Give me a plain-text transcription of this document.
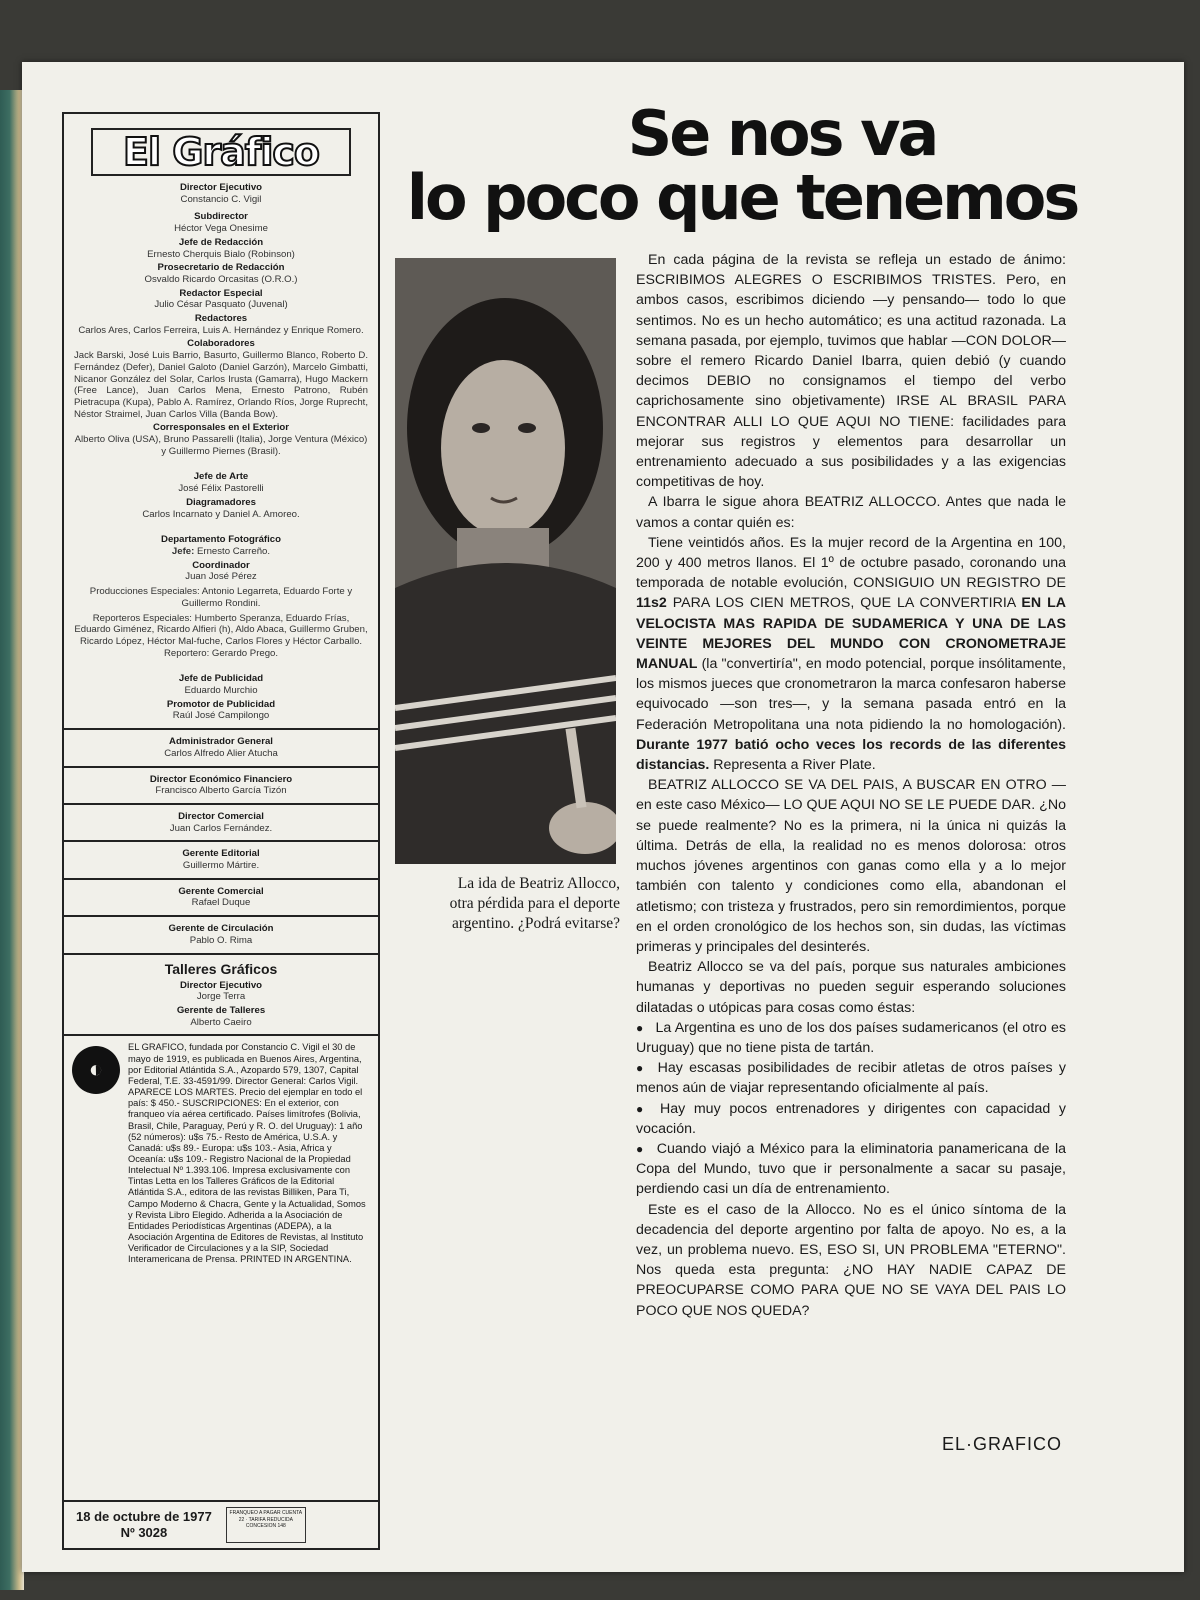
El Gráfico
Director Ejecutivo
Constancio C. Vigil
Subdirector
Héctor Vega Onesime
Jefe de Redacción
Ernesto Cherquis Bialo (Robinson)
Prosecretario de Redacción
Osvaldo Ricardo Orcasitas (O.R.O.)
Redactor Especial
Julio César Pasquato (Juvenal)
Redactores
Carlos Ares, Carlos Ferreira, Luis A. Hernández y Enrique Romero.
Colaboradores
Jack Barski, José Luis Barrio, Basurto, Guillermo Blanco, Roberto D. Fernández (Defer), Daniel Galoto (Daniel Garzón), Marcelo Gimbatti, Nicanor González del Solar, Carlos Irusta (Gamarra), Hugo Mackern (Free Lance), Juan Carlos Mena, Ernesto Patrono, Rubén Pietracupa (Kupa), Pablo A. Ramírez, Orlando Ríos, Jorge Ruprecht, Néstor Straimel, Juan Carlos Villa (Banda Bow).
Corresponsales en el Exterior
Alberto Oliva (USA), Bruno Passarelli (Italia), Jorge Ventura (México) y Guillermo Piernes (Brasil).
Jefe de Arte
José Félix Pastorelli
Diagramadores
Carlos Incarnato y Daniel A. Amoreo.
Departamento Fotográfico
Jefe: Ernesto Carreño.
Coordinador
Juan José Pérez
Producciones Especiales: Antonio Legarreta, Eduardo Forte y Guillermo Rondini.
Reporteros Especiales: Humberto Speranza, Eduardo Frías, Eduardo Giménez, Ricardo Alfieri (h), Aldo Abaca, Guillermo Gruben, Ricardo López, Héctor Mal-fuche, Carlos Flores y Héctor Carballo.
Reportero: Gerardo Prego.
Jefe de Publicidad
Eduardo Murchio
Promotor de Publicidad
Raúl José Campilongo
Administrador General
Carlos Alfredo Alier Atucha
Director Económico Financiero
Francisco Alberto García Tizón
Director Comercial
Juan Carlos Fernández.
Gerente Editorial
Guillermo Mártire.
Gerente Comercial
Rafael Duque
Gerente de Circulación
Pablo O. Rima
Talleres Gráficos
Director Ejecutivo
Jorge Terra
Gerente de Talleres
Alberto Caeiro
◐

EL GRAFICO, fundada por Constancio C. Vigil el 30 de mayo de 1919, es publicada en Buenos Aires, Argentina, por Editorial Atlántida S.A., Azopardo 579, 1307, Capital Federal, T.E. 33-4591/99. Director General: Carlos Vigil. APARECE LOS MARTES. Precio del ejemplar en todo el país: $ 450.- SUSCRIPCIONES: En el exterior, con franqueo vía aérea certificado. Países limítrofes (Bolivia, Brasil, Chile, Paraguay, Perú y R. O. del Uruguay): 1 año (52 números): u$s 75.- Resto de América, U.S.A. y Canadá: u$s 89.- Europa: u$s 103.- Asia, Africa y Oceanía: u$s 109.- Registro Nacional de la Propiedad Intelectual Nº 1.393.106. Impresa exclusivamente con Tintas Letta en los Talleres Gráficos de la Editorial Atlántida S.A., editora de las revistas Billiken, Para Ti, Campo Moderno & Chacra, Gente y la Actualidad, Somos y Revista Libro Elegido. Adherida a la Asociación de Entidades Periodísticas Argentinas (ADEPA), a la Asociación Argentina de Editores de Revistas, al Instituto Verificador de Circulaciones y a la SIP, Sociedad Interamericana de Prensa. PRINTED IN ARGENTINA.

18 de octubre de 1977
Nº 3028
FRANQUEO A PAGAR CUENTA 22 · TARIFA REDUCIDA CONCESION 148
Se nos va
lo poco que tenemos
La ida de Beatriz Allocco, otra pérdida para el deporte argentino. ¿Podrá evitarse?

En cada página de la revista se refleja un estado de ánimo: ESCRIBIMOS ALEGRES O ESCRIBIMOS TRISTES. Pero, en ambos casos, escribimos diciendo —y pensando— todo lo que sentimos. No es un hecho automático; es una actitud razonada. La semana pasada, por ejemplo, tuvimos que hablar —CON DOLOR— sobre el remero Ricardo Daniel Ibarra, quien debió (y cuando decimos DEBIO no consignamos el tiempo del verbo caprichosamente sino objetivamente) IRSE AL BRASIL PARA ENCONTRAR ALLI LO QUE AQUI NO TIENE: facilidades para mejorar sus registros y elementos para desarrollar un entrenamiento adecuado a sus posibilidades y a las exigencias competitivas de hoy.

A Ibarra le sigue ahora BEATRIZ ALLOCCO. Antes que nada le vamos a contar quién es:

Tiene veintidós años. Es la mujer record de la Argentina en 100, 200 y 400 metros llanos. El 1º de octubre pasado, coronando una temporada de notable evolución, CONSIGUIO UN REGISTRO DE 11s2 PARA LOS CIEN METROS, QUE LA CONVERTIRIA EN LA VELOCISTA MAS RAPIDA DE SUDAMERICA Y UNA DE LAS VEINTE MEJORES DEL MUNDO CON CRONOMETRAJE MANUAL (la "convertiría", en modo potencial, porque insólitamente, los mismos jueces que cronometraron la marca confesaron haberse equivocado —son tres—, y la semana pasada entró en la Federación Metropolitana una nota pidiendo la no homologación). Durante 1977 batió ocho veces los records de las diferentes distancias. Representa a River Plate.

BEATRIZ ALLOCCO SE VA DEL PAIS, A BUSCAR EN OTRO —en este caso México— LO QUE AQUI NO SE LE PUEDE DAR. ¿No se puede realmente? No es la primera, ni la única ni quizás la última. Detrás de ella, la realidad no es menos dolorosa: otros muchos jóvenes argentinos con ganas como ella y a lo mejor también con talento y condiciones como ella, abandonan el atletismo; con tristeza y frustrados, pero sin remordimientos, porque en el orden cronológico de los hechos son, sin dudas, las víctimas primeras y principales del desinterés.

Beatriz Allocco se va del país, porque sus naturales ambiciones humanas y deportivas no pueden seguir esperando soluciones dilatadas o utópicas para cosas como éstas:

● La Argentina es uno de los dos países sudamericanos (el otro es Uruguay) que no tiene pista de tartán.

● Hay escasas posibilidades de recibir atletas de otros países y menos aún de viajar representando oficialmente al país.

● Hay muy pocos entrenadores y dirigentes con capacidad y vocación.

● Cuando viajó a México para la eliminatoria panamericana de la Copa del Mundo, tuvo que ir personalmente a sacar su pasaje, perdiendo casi un día de entrenamiento.

Este es el caso de la Allocco. No es el único síntoma de la decadencia del deporte argentino por falta de apoyo. No es, a la vez, un problema nuevo. ES, ESO SI, UN PROBLEMA "ETERNO". Nos queda esta pregunta: ¿NO HAY NADIE CAPAZ DE PREOCUPARSE COMO PARA QUE NO SE VAYA DEL PAIS LO POCO QUE NOS QUEDA?

EL·GRAFICO
